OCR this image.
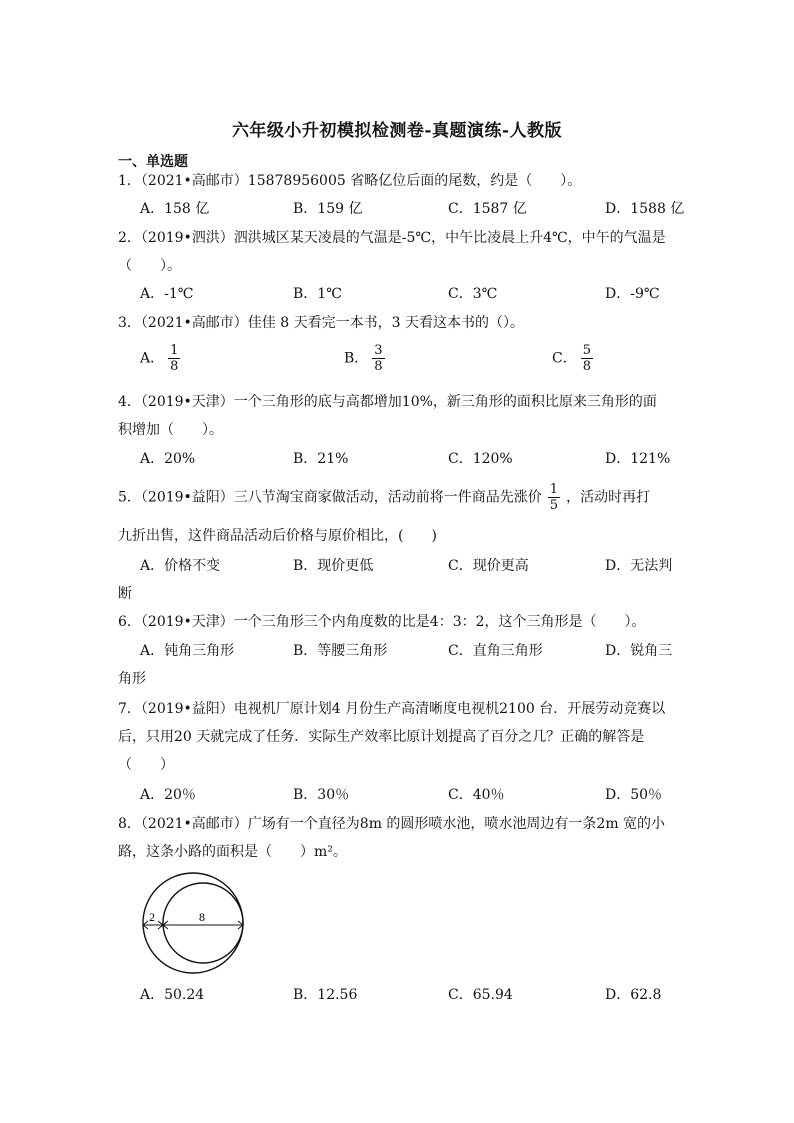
六年级小升初模拟检测卷-真题演练-人教版
一、单选题
1．（2021•高邮市）15878956005 省略亿位后面的尾数，约是（　　）。
A．158 亿	B．159 亿	C．1587 亿	D．1588 亿
2．（2019•泗洪）泗洪城区某天凌晨的气温是-5℃，中午比凌晨上升4℃，中午的气温是
（　　）。
A．-1℃	B．1℃	C．3℃	D．-9℃
3．（2021•高邮市）佳佳 8 天看完一本书，3 天看这本书的（）。
A． $\frac{1}{8}$	B． $\frac{3}{8}$	C． $\frac{5}{8}$
4．（2019•天津）一个三角形的底与高都增加10%，新三角形的面积比原来三角形的面
积增加（　　）。
A．20%	B．21%	C．120%	D．121%
5．（2019•益阳）三八节淘宝商家做活动，活动前将一件商品先涨价 $\frac{1}{5}$ ，活动时再打
九折出售，这件商品活动后价格与原价相比，(　　)
A．价格不变	B．现价更低	C．现价更高	D．无法判
断
6．（2019•天津）一个三角形三个内角度数的比是4：3：2，这个三角形是（　　）。
A．钝角三角形	B．等腰三角形	C．直角三角形	D．锐角三
角形
7．（2019•益阳）电视机厂原计划4 月份生产高清晰度电视机2100 台．开展劳动竞赛以
后，只用20 天就完成了任务．实际生产效率比原计划提高了百分之几？正确的解答是
（　　）
A．20％	B．30％	C．40％	D．50％
8．（2021•高邮市）广场有一个直径为8m 的圆形喷水池，喷水池周边有一条2m 宽的小
路，这条小路的面积是（　　）m²。
2	8
A．50.24	B．12.56	C．65.94	D．62.8
